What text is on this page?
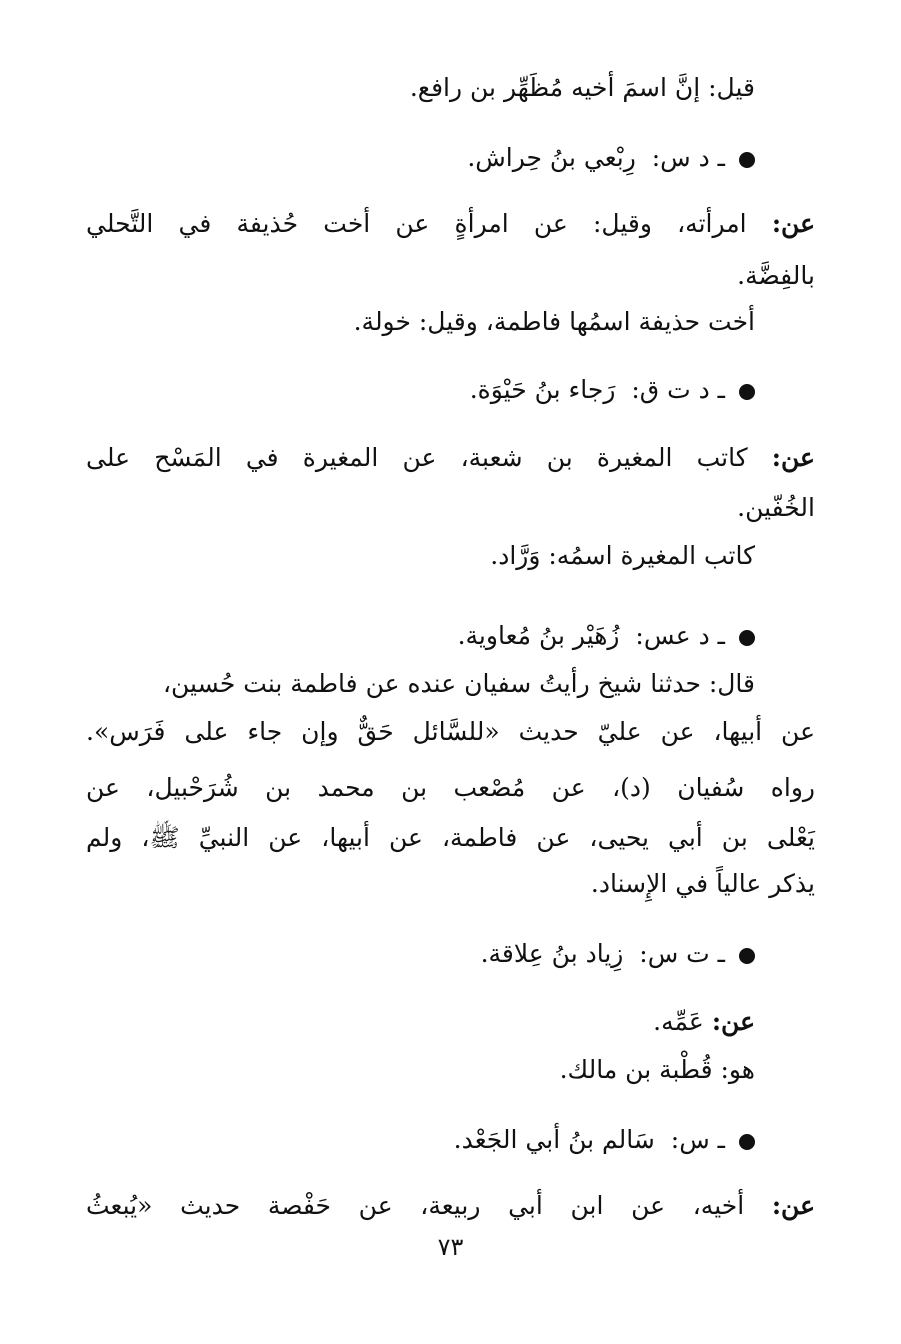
قيل: إنَّ اسمَ أخيه مُظَهِّر بن رافع.
ـ د س:  رِبْعي بنُ حِراش.
عن: امرأته، وقيل: عن امرأةٍ عن أخت حُذيفة في التَّحلي
بالفِضَّة.
أخت حذيفة اسمُها فاطمة، وقيل: خولة.
ـ د ت ق:  رَجاء بنُ حَيْوَة.
عن: كاتب المغيرة بن شعبة، عن المغيرة في المَسْح على
الخُفّين.
كاتب المغيرة اسمُه: وَرَّاد.
ـ د عس:  زُهَيْر بنُ مُعاوية.
قال: حدثنا شيخ رأيتُ سفيان عنده عن فاطمة بنت حُسين،
عن أبيها، عن عليّ حديث «للسَّائل حَقٌّ وإن جاء على فَرَس».
رواه سُفيان (د)، عن مُصْعب بن محمد بن شُرَحْبيل، عن
يَعْلى بن أبي يحيى، عن فاطمة، عن أبيها، عن النبيِّ ﷺ، ولم
يذكر عالياً في الإِسناد.
ـ ت س:  زِياد بنُ عِلاقة.
عن: عَمِّه.
هو: قُطْبة بن مالك.
ـ س:  سَالم بنُ أبي الجَعْد.
عن: أخيه، عن ابن أبي ربيعة، عن حَفْصة حديث «يُبعثُ
٧٣
